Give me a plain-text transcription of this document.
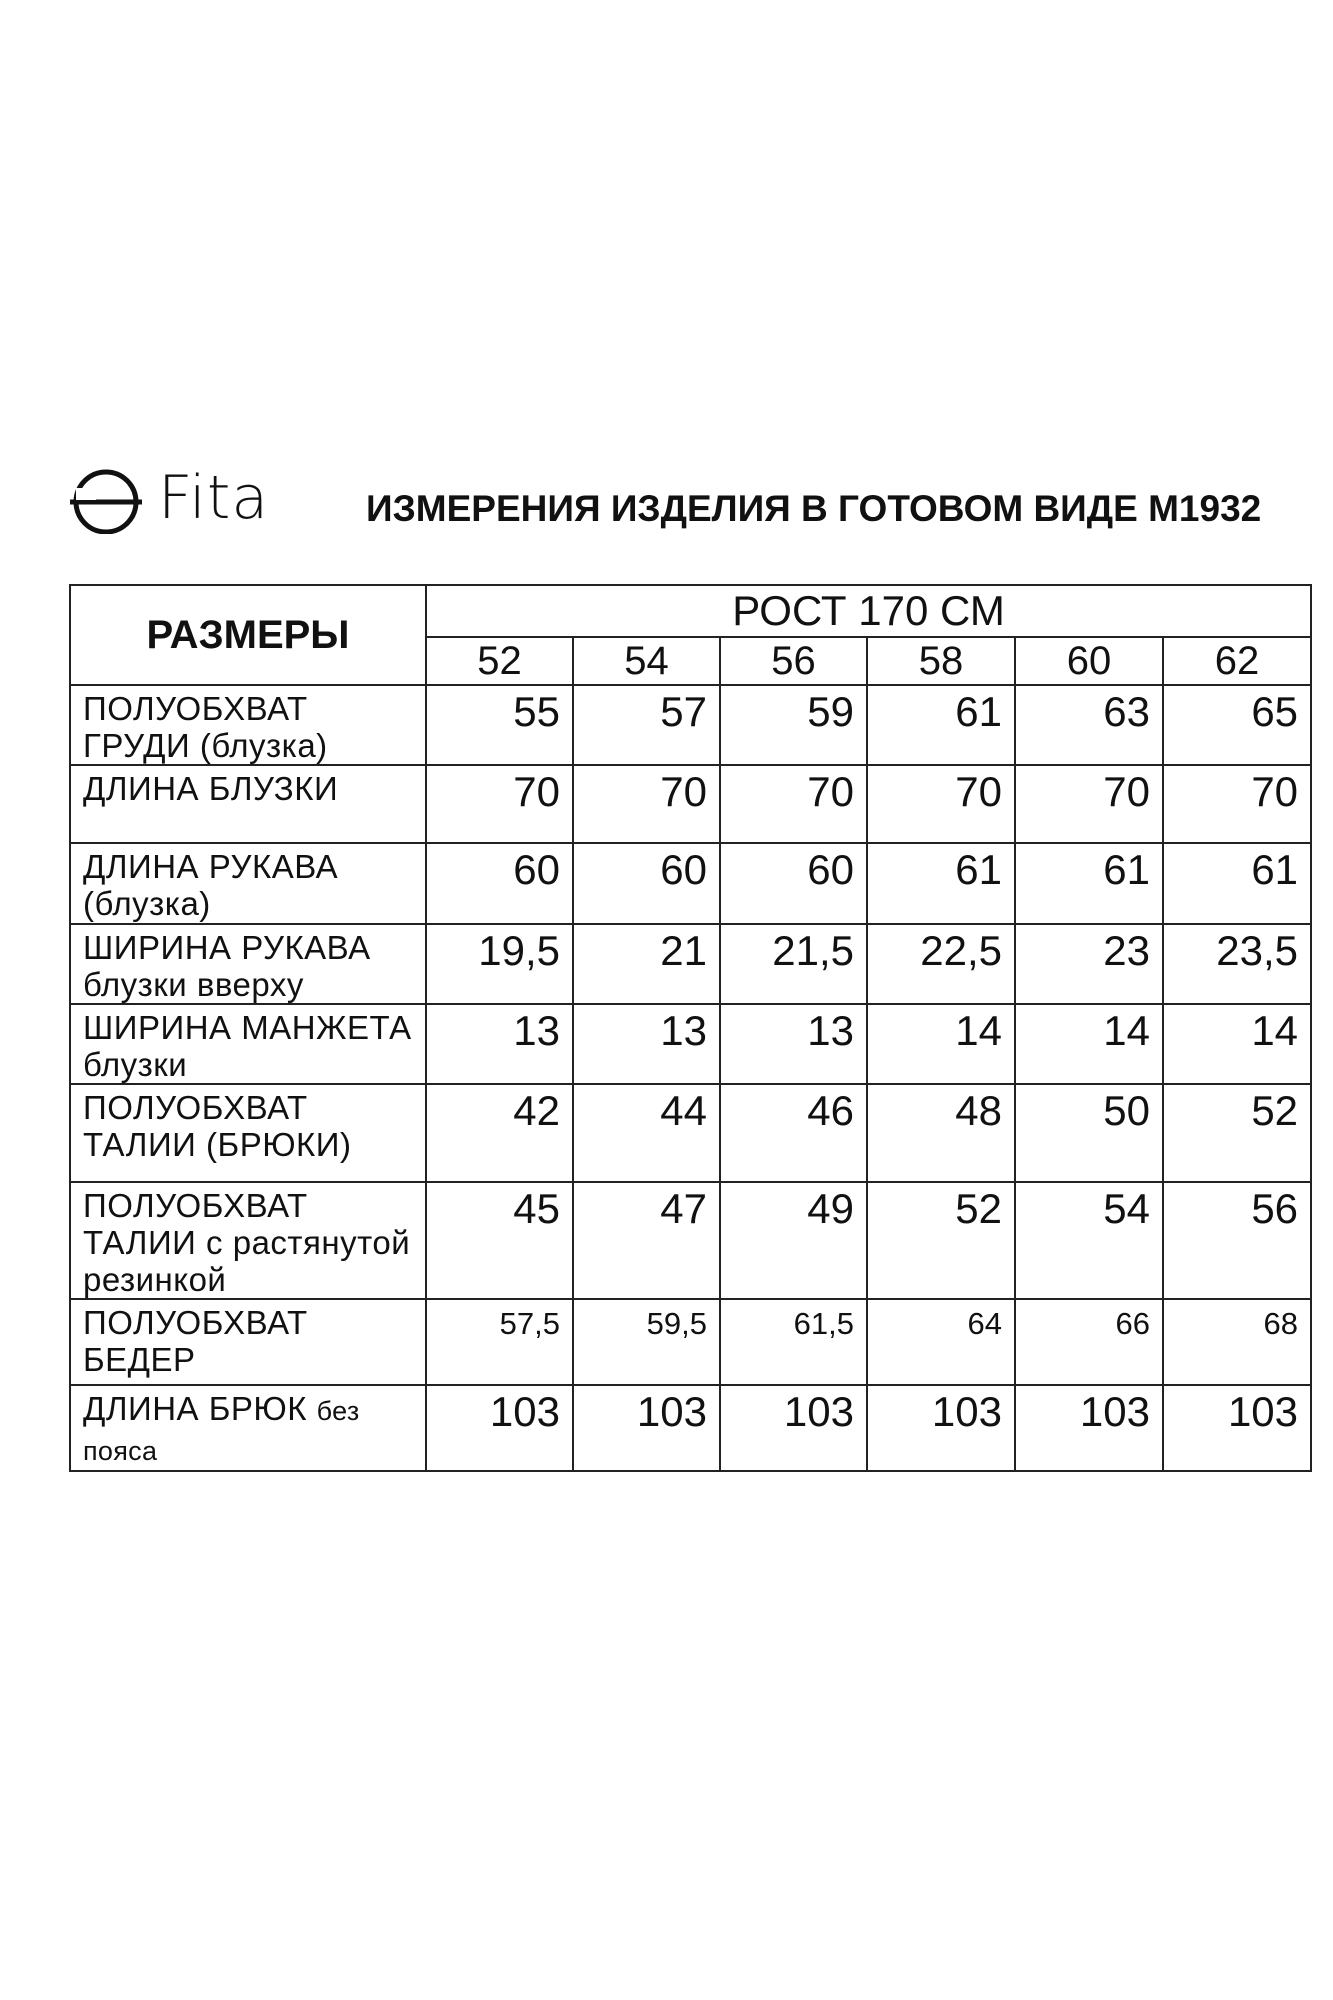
Fita	ИЗМЕРЕНИЯ ИЗДЕЛИЯ В ГОТОВОМ ВИДЕ М1932
РАЗМЕРЫ	РОСТ 170 СМ					
	52	54	56	58	60	62
ПОЛУОБХВАТ ГРУДИ (блузка)	55	57	59	61	63	65
ДЛИНА БЛУЗКИ	70	70	70	70	70	70
ДЛИНА РУКАВА (блузка)	60	60	60	61	61	61
ШИРИНА РУКАВА блузки вверху	19,5	21	21,5	22,5	23	23,5
ШИРИНА МАНЖЕТА блузки	13	13	13	14	14	14
ПОЛУОБХВАТ ТАЛИИ (БРЮКИ)	42	44	46	48	50	52
ПОЛУОБХВАТ ТАЛИИ с растянутой резинкой	45	47	49	52	54	56
ПОЛУОБХВАТ БЕДЕР	57,5	59,5	61,5	64	66	68
ДЛИНА БРЮК без пояса	103	103	103	103	103	103
